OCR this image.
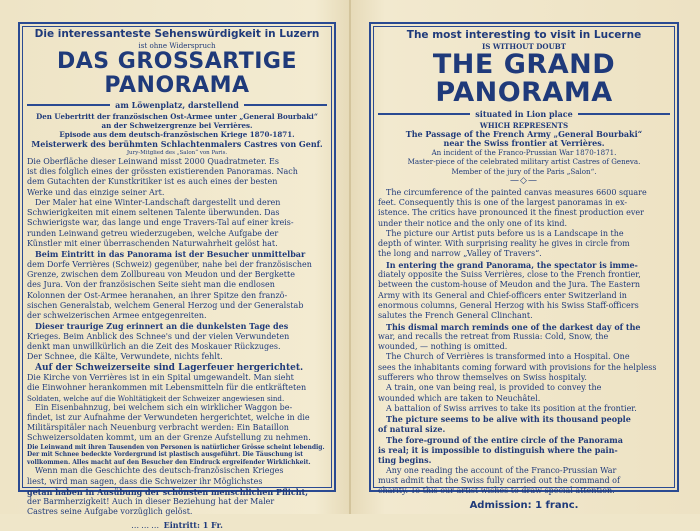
Die interessanteste Sehenswürdigkeit in Luzern
ist ohne Widerspruch
DAS GROSSARTIGE PANORAMA
am Löwenplatz, darstellend
Den Uebertritt der französischen Ost-Armee unter „General Bourbaki“
an der Schweizergrenze bei Verrières.
Episode aus dem deutsch-französischen Kriege 1870-1871.
Meisterwerk des berühmten Schlachtenmalers Castres von Genf.
Jury-Mitglied des „Salon“ von Paris.
Die Oberfläche dieser Leinwand misst 2000 Quadratmeter. Es
ist dies folglich eines der grössten existierenden Panoramas. Nach
dem Gutachten der Kunstkritiker ist es auch eines der besten
Werke und das einzige seiner Art.
Der Maler hat eine Winter-Landschaft dargestellt und deren
Schwierigkeiten mit einem seltenen Talente überwunden. Das
Schwierigste war, das lange und enge Travers-Tal auf einer kreis-
runden Leinwand getreu wiederzugeben, welche Aufgabe der
Künstler mit einer überraschenden Naturwahrheit gelöst hat.
Beim Eintritt in das Panorama ist der Besucher unmittelbar
dem Dorfe Verrières (Schweiz) gegenüber, nahe bei der französischen
Grenze, zwischen dem Zollbureau von Meudon und der Bergkette
des Jura. Von der französischen Seite sieht man die endlosen
Kolonnen der Ost-Armee heranahen, an ihrer Spitze den franzö-
sischen Generalstab, welchem General Herzog und der Generalstab
der schweizerischen Armee entgegenreiten.
Dieser traurige Zug erinnert an die dunkelsten Tage des
Krieges. Beim Anblick des Schnee's und der vielen Verwundeten
denkt man unwillkürlich an die Zeit des Moskauer Rückzuges.
Der Schnee, die Kälte, Verwundete, nichts fehlt.
Auf der Schweizerseite sind Lagerfeuer hergerichtet.
Die Kirche von Verrières ist in ein Spital umgewandelt. Man sieht
die Einwohner herankommen mit Lebensmitteln für die entkräfteten
Soldaten, welche auf die Wohltätigkeit der Schweizer angewiesen sind.
Ein Eisenbahnzug, bei welchem sich ein wirklicher Waggon be-
findet, ist zur Aufnahme der Verwundeten hergerichtet, welche in die
Militärspitäler nach Neuenburg verbracht werden: Ein Bataillon
Schweizersoldaten kommt, um an der Grenze Aufstellung zu nehmen.
Die Leinwand mit ihren Tausenden von Personen is natürlicher Grösse scheint lebendig.
Der mit Schnee bedeckte Vordergrund ist plastisch ausgeführt. Die Täuschung ist
vollkommen. Alles macht auf den Besucher den Eindruck ergreifender Wirklichkeit.
Wenn man die Geschichte des deutsch-französischen Krieges
liest, wird man sagen, dass die Schweizer ihr Möglichstes
getan haben in Ausübung der schönsten menschlichen Pflicht,
der Barmherzigkeit! Auch in dieser Beziehung hat der Maler
Castres seine Aufgabe vorzüglich gelöst.
……… Eintritt: 1 Fr.
The most interesting to visit in Lucerne
IS WITHOUT DOUBT
THE GRAND PANORAMA
situated in Lion place
WHICH REPRESENTS
The Passage of the French Army „General Bourbaki“
near the Swiss frontier at Verrières.
An incident of the Franco-Prussian War 1870-1871.
Master-piece of the celebrated military artist Castres of Geneva.
Member of the jury of the Paris „Salon“.
—◇—
The circumference of the painted canvas measures 6600 square
feet. Consequently this is one of the largest panoramas in ex-
istence. The critics have pronounced it the finest production ever
under their notice and the only one of its kind.
The picture our Artist puts before us is a Landscape in the
depth of winter. With surprising reality he gives in circle from
the long and narrow „Valley of Travers“.
In entering the grand Panorama, the spectator is imme-
diately opposite the Suiss Verrières, close to the French frontier,
between the custom-house of Meudon and the Jura. The Eastern
Army with its General and Chief-officers enter Switzerland in
enormous columns, General Herzog with his Swiss Staff-officers
salutes the French General Clinchant.
This dismal march reminds one of the darkest day of the
war, and recalls the retreat from Russia: Cold, Snow, the
wounded, — nothing is omitted.
The Church of Verrières is transformed into a Hospital. One
sees the inhabitants coming forward with provisions for the helpless
sufferers who throw themselves on Swiss hospitaly.
A train, one van being real, is provided to convey the
wounded which are taken to Neuchâtel.
A battalion of Swiss arrives to take its position at the frontier.
The picture seems to be alive with its thousand people
of natural size.
The fore-ground of the entire circle of the Panorama
is real; it is impossible to distinguish where the pain-
ting begins.
Any one reading the account of the Franco-Prussian War
must admit that the Swiss fully carried out the command of
charity. To this our artist wishes to draw special attention.
Admission: 1 franc.
